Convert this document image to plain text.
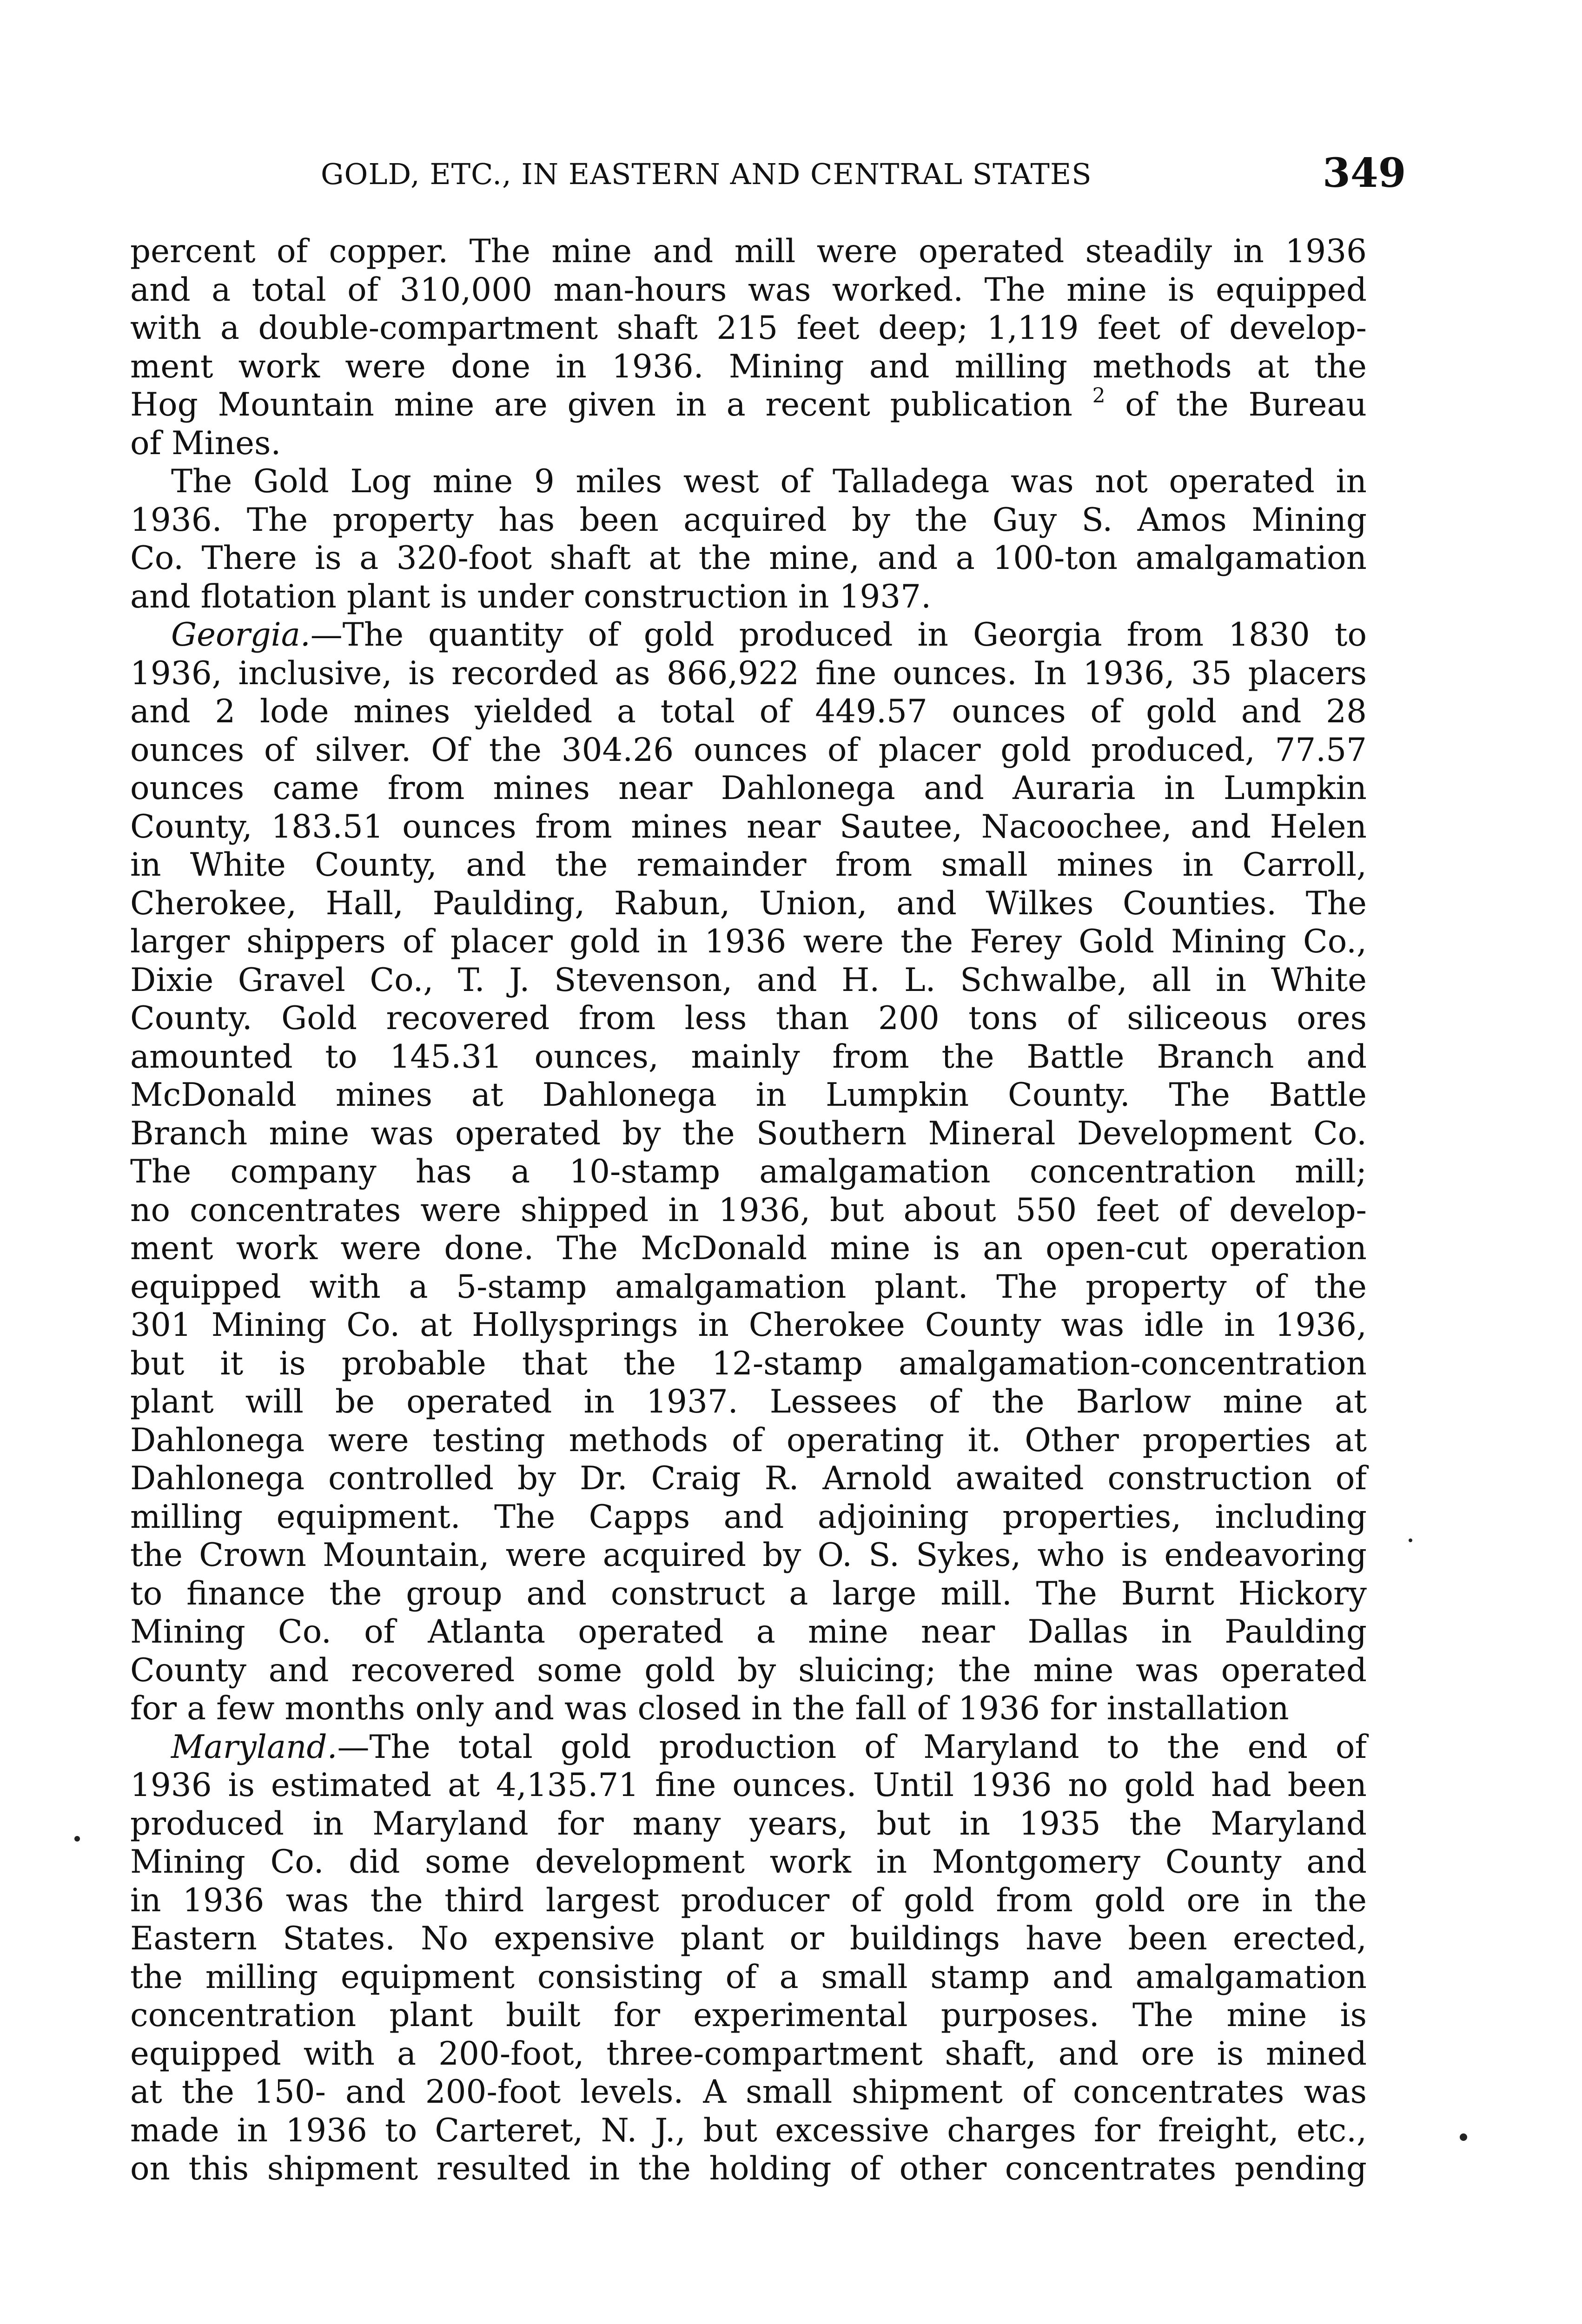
GOLD, ETC., IN EASTERN AND CENTRAL STATES	349
percent of copper. The mine and mill were operated steadily in 1936
and a total of 310,000 man-hours was worked. The mine is equipped
with a double-compartment shaft 215 feet deep; 1,119 feet of develop-
ment work were done in 1936. Mining and milling methods at the
Hog Mountain mine are given in a recent publication $^2$ of the Bureau
of Mines.
The Gold Log mine 9 miles west of Talladega was not operated in
1936. The property has been acquired by the Guy S. Amos Mining
Co. There is a 320-foot shaft at the mine, and a 100-ton amalgamation
and flotation plant is under construction in 1937.
Georgia.—The quantity of gold produced in Georgia from 1830 to
1936, inclusive, is recorded as 866,922 fine ounces. In 1936, 35 placers
and 2 lode mines yielded a total of 449.57 ounces of gold and 28
ounces of silver. Of the 304.26 ounces of placer gold produced, 77.57
ounces came from mines near Dahlonega and Auraria in Lumpkin
County, 183.51 ounces from mines near Sautee, Nacoochee, and Helen
in White County, and the remainder from small mines in Carroll,
Cherokee, Hall, Paulding, Rabun, Union, and Wilkes Counties. The
larger shippers of placer gold in 1936 were the Ferey Gold Mining Co.,
Dixie Gravel Co., T. J. Stevenson, and H. L. Schwalbe, all in White
County. Gold recovered from less than 200 tons of siliceous ores
amounted to 145.31 ounces, mainly from the Battle Branch and
McDonald mines at Dahlonega in Lumpkin County. The Battle
Branch mine was operated by the Southern Mineral Development Co.
The company has a 10-stamp amalgamation concentration mill;
no concentrates were shipped in 1936, but about 550 feet of develop-
ment work were done. The McDonald mine is an open-cut operation
equipped with a 5-stamp amalgamation plant. The property of the
301 Mining Co. at Hollysprings in Cherokee County was idle in 1936,
but it is probable that the 12-stamp amalgamation-concentration
plant will be operated in 1937. Lessees of the Barlow mine at
Dahlonega were testing methods of operating it. Other properties at
Dahlonega controlled by Dr. Craig R. Arnold awaited construction of
milling equipment. The Capps and adjoining properties, including
the Crown Mountain, were acquired by O. S. Sykes, who is endeavoring
to finance the group and construct a large mill. The Burnt Hickory
Mining Co. of Atlanta operated a mine near Dallas in Paulding
County and recovered some gold by sluicing; the mine was operated
for a few months only and was closed in the fall of 1936 for installation
Maryland.—The total gold production of Maryland to the end of
1936 is estimated at 4,135.71 fine ounces. Until 1936 no gold had been
produced in Maryland for many years, but in 1935 the Maryland
Mining Co. did some development work in Montgomery County and
in 1936 was the third largest producer of gold from gold ore in the
Eastern States. No expensive plant or buildings have been erected,
the milling equipment consisting of a small stamp and amalgamation
concentration plant built for experimental purposes. The mine is
equipped with a 200-foot, three-compartment shaft, and ore is mined
at the 150- and 200-foot levels. A small shipment of concentrates was
made in 1936 to Carteret, N. J., but excessive charges for freight, etc.,
on this shipment resulted in the holding of other concentrates pending
